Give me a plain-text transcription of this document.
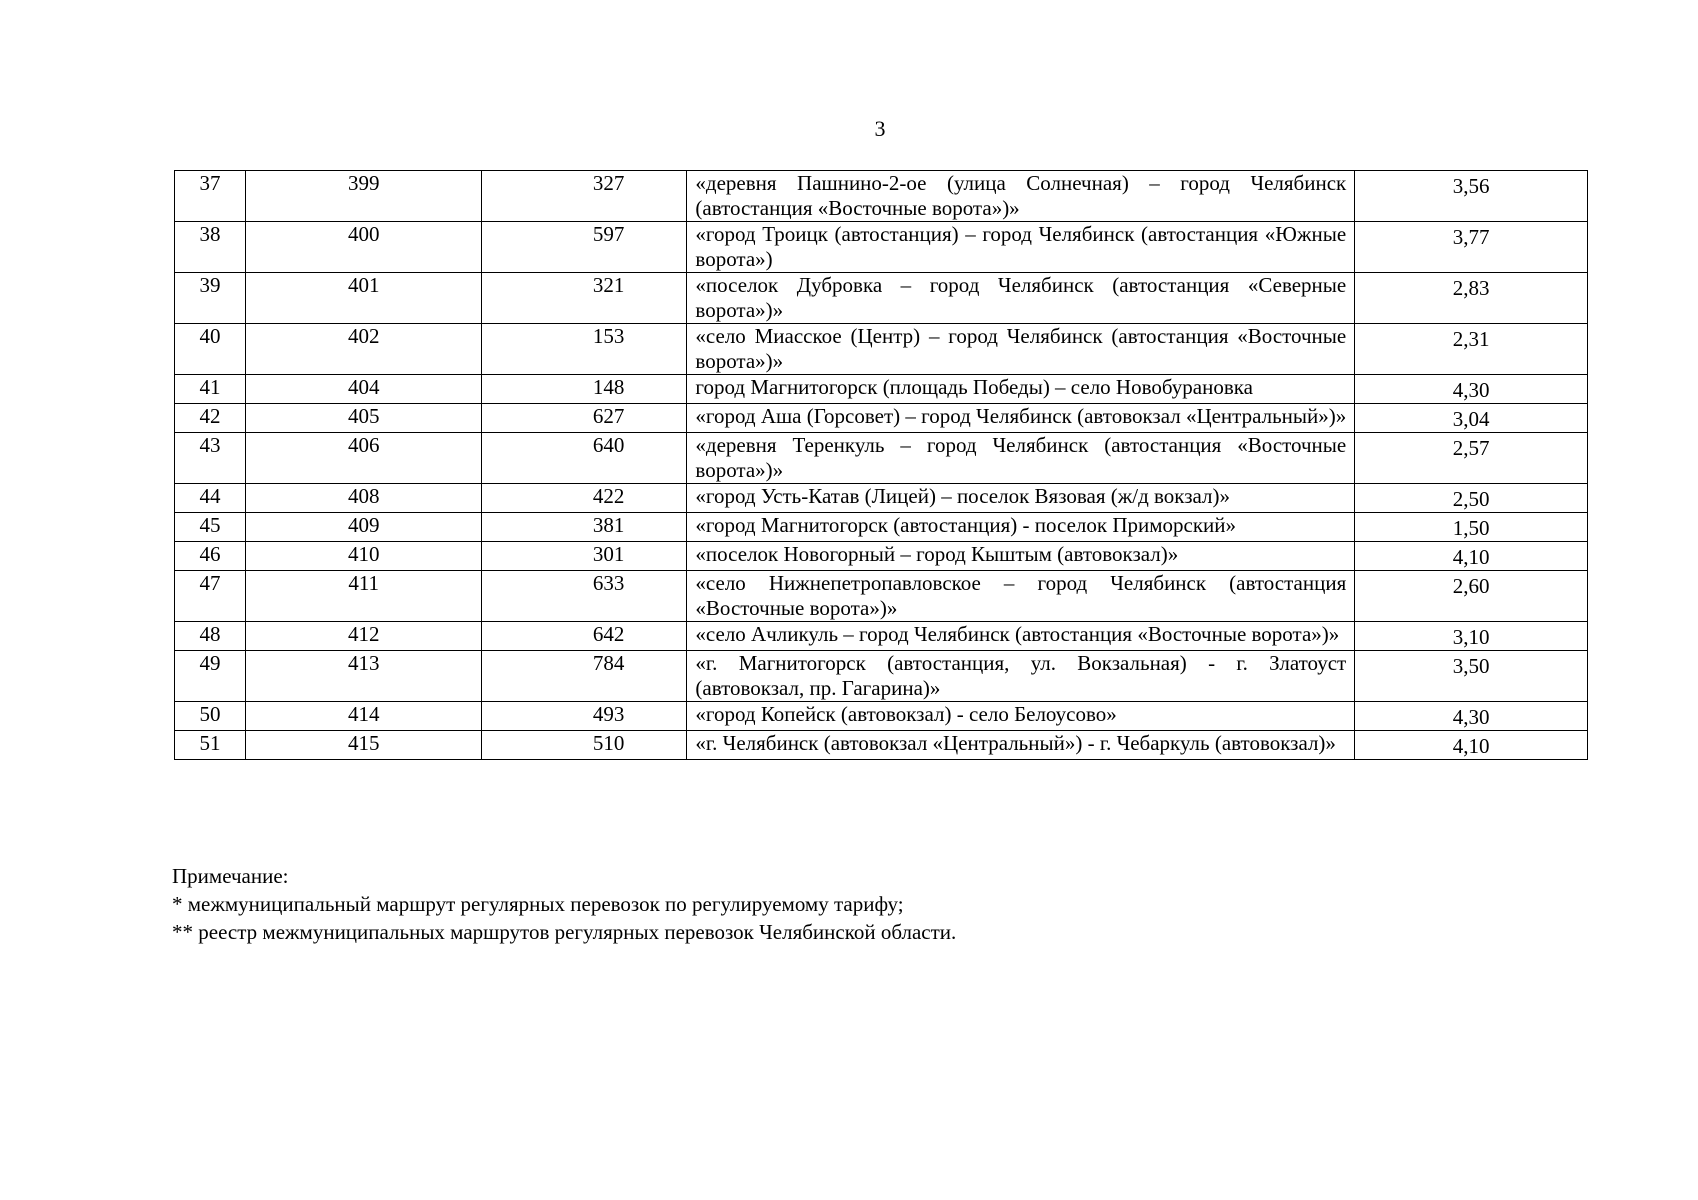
3
37	399	327	«деревня Пашнино-2-ое (улица Солнечная) – город Челябинск (автостанция «Восточные ворота»)»	3,56
38	400	597	«город Троицк (автостанция) – город Челябинск (автостанция «Южные ворота»)	3,77
39	401	321	«поселок Дубровка – город Челябинск (автостанция «Северные ворота»)»	2,83
40	402	153	«село Миасское (Центр) – город Челябинск (автостанция «Восточные ворота»)»	2,31
41	404	148	город Магнитогорск (площадь Победы) – село Новобурановка	4,30
42	405	627	«город Аша (Горсовет) – город Челябинск (автовокзал «Центральный»)»	3,04
43	406	640	«деревня Теренкуль – город Челябинск (автостанция «Восточные ворота»)»	2,57
44	408	422	«город Усть-Катав (Лицей) – поселок Вязовая (ж/д вокзал)»	2,50
45	409	381	«город Магнитогорск (автостанция) - поселок Приморский»	1,50
46	410	301	«поселок Новогорный – город Кыштым (автовокзал)»	4,10
47	411	633	«село Нижнепетропавловское – город Челябинск (автостанция «Восточные ворота»)»	2,60
48	412	642	«село Ачликуль – город Челябинск (автостанция «Восточные ворота»)»	3,10
49	413	784	«г. Магнитогорск (автостанция, ул. Вокзальная) - г. Златоуст (автовокзал, пр. Гагарина)»	3,50
50	414	493	«город Копейск (автовокзал) - село Белоусово»	4,30
51	415	510	«г. Челябинск (автовокзал «Центральный») - г. Чебаркуль (автовокзал)»	4,10
Примечание:
* межмуниципальный маршрут регулярных перевозок по регулируемому тарифу;
** реестр межмуниципальных маршрутов регулярных перевозок Челябинской области.
